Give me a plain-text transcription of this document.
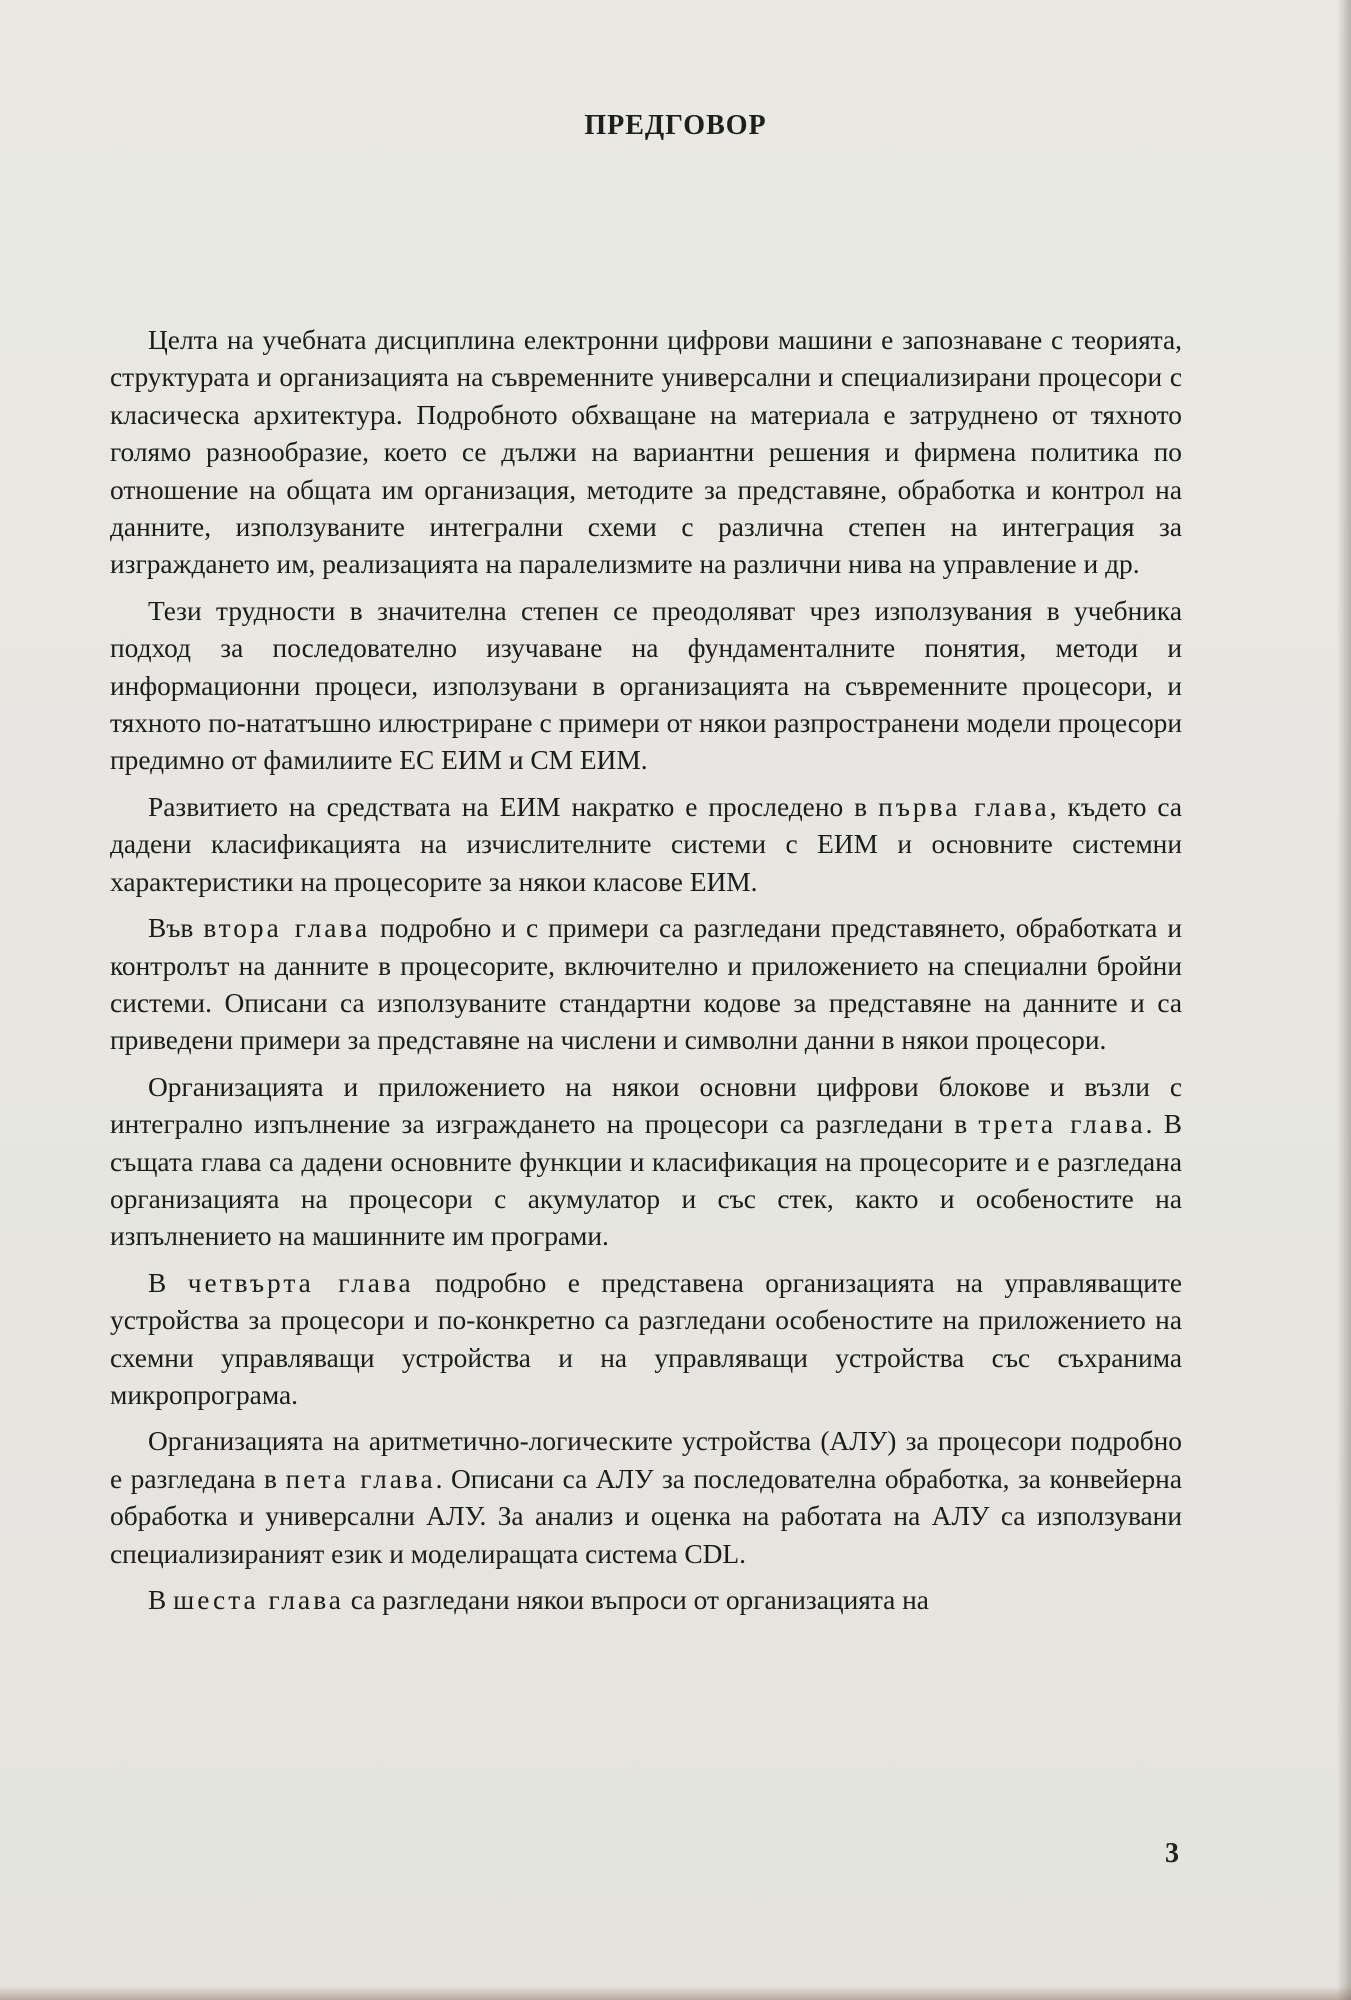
ПРЕДГОВОР

Целта на учебната дисциплина електронни цифрови машини е запознаване с теорията, структурата и организацията на съвременните универсални и специализирани процесори с класическа архитектура. Подробното обхващане на материала е затруднено от тяхното голямо разнообразие, което се дължи на вариантни решения и фирмена политика по отношение на общата им организация, методите за представяне, обработка и контрол на данните, използуваните интегрални схеми с различна степен на интеграция за изграждането им, реализацията на паралелизмите на различни нива на управление и др.

Тези трудности в значителна степен се преодоляват чрез използувания в учебника подход за последователно изучаване на фундаменталните понятия, методи и информационни процеси, използувани в организацията на съвременните процесори, и тяхното по-нататъшно илюстриране с примери от някои разпространени модели процесори предимно от фамилиите ЕС ЕИМ и СМ ЕИМ.

Развитието на средствата на ЕИМ накратко е проследено в първа глава, където са дадени класификацията на изчислителните системи с ЕИМ и основните системни характеристики на процесорите за някои класове ЕИМ.

Във втора глава подробно и с примери са разгледани представянето, обработката и контролът на данните в процесорите, включително и приложението на специални бройни системи. Описани са използуваните стандартни кодове за представяне на данните и са приведени примери за представяне на числени и символни данни в някои процесори.

Организацията и приложението на някои основни цифрови блокове и възли с интегрално изпълнение за изграждането на процесори са разгледани в трета глава. В същата глава са дадени основните функции и класификация на процесорите и е разгледана организацията на процесори с акумулатор и със стек, както и особеностите на изпълнението на машинните им програми.

В четвърта глава подробно е представена организацията на управляващите устройства за процесори и по-конкретно са разгледани особеностите на приложението на схемни управляващи устройства и на управляващи устройства със съхранима микропрограма.

Организацията на аритметично-логическите устройства (АЛУ) за процесори подробно е разгледана в пета глава. Описани са АЛУ за последователна обработка, за конвейерна обработка и универсални АЛУ. За анализ и оценка на работата на АЛУ са използувани специализираният език и моделиращата система CDL.

В шеста глава са разгледани някои въпроси от организацията на

3
